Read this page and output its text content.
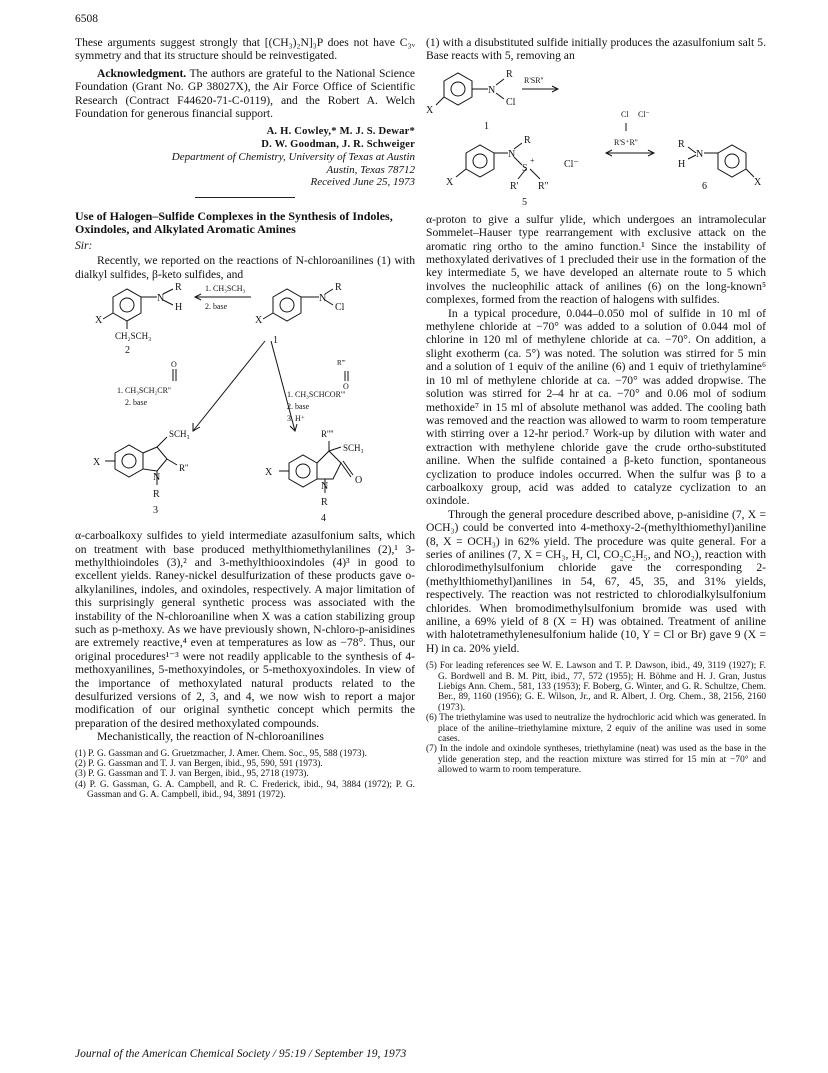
6508

These arguments suggest strongly that [(CH₃)₂N]₃P does not have C₃ᵥ symmetry and that its structure should be reinvestigated.

Acknowledgment. The authors are grateful to the National Science Foundation (Grant No. GP 38027X), the Air Force Office of Scientific Research (Contract F44620-71-C-0119), and the Robert A. Welch Foundation for generous financial support.

A. H. Cowley,* M. J. S. Dewar*
D. W. Goodman, J. R. Schweiger
Department of Chemistry, University of Texas at Austin
Austin, Texas 78712
Received June 25, 1973
Use of Halogen–Sulfide Complexes in the Synthesis of Indoles, Oxindoles, and Alkylated Aromatic Amines
Sir:

Recently, we reported on the reactions of N-chloroanilines (1) with dialkyl sulfides, β-keto sulfides, and

X
N
R
H
CH₂SCH₃
2
1. CH₃SCH₃
2. base
X
N
R
Cl
1
O
1. CH₃SCH₂CR''
2. base
R'''
O
1. CH₃SCHCOR'''
2. base
3. H⁺
SCH₃
X
N
R''
R
3
R''''
SCH₃
X
N
O
R
4

α-carboalkoxy sulfides to yield intermediate azasulfonium salts, which on treatment with base produced methylthiomethylanilines (2),¹ 3-methylthioindoles (3),² and 3-methylthiooxindoles (4)³ in good to excellent yields. Raney-nickel desulfurization of these products gave o-alkylanilines, indoles, and oxindoles, respectively. A major limitation of this surprisingly general synthetic process was associated with the instability of the N-chloroaniline when X was a cation stabilizing group such as p-methoxy. As we have previously shown, N-chloro-p-anisidines are extremely reactive,⁴ even at temperatures as low as −78°. Thus, our original procedures¹⁻³ were not readily applicable to the synthesis of 4-methoxyanilines, 5-methoxyindoles, or 5-methoxyoxindoles. In view of the importance of methoxylated natural products related to the desulfurized versions of 2, 3, and 4, we now wish to report a major modification of our original synthetic concept which permits the preparation of the desired methoxylated compounds.

Mechanistically, the reaction of N-chloroanilines

(1) P. G. Gassman and G. Gruetzmacher, J. Amer. Chem. Soc., 95, 588 (1973).
(2) P. G. Gassman and T. J. van Bergen, ibid., 95, 590, 591 (1973).
(3) P. G. Gassman and T. J. van Bergen, ibid., 95, 2718 (1973).
(4) P. G. Gassman, G. A. Campbell, and R. C. Frederick, ibid., 94, 3884 (1972); P. G. Gassman and G. A. Campbell, ibid., 94, 3891 (1972).

(1) with a disubstituted sulfide initially produces the azasulfonium salt 5. Base reacts with 5, removing an

N
R
Cl
X
R'SR''
1
N
R
S
+
R' R''
X
Cl⁻
5
Cl Cl⁻
R'S⁺R''	R
H
N
X
6

α-proton to give a sulfur ylide, which undergoes an intramolecular Sommelet–Hauser type rearrangement with exclusive attack on the aromatic ring ortho to the amino function.¹ Since the instability of methoxylated derivatives of 1 precluded their use in the formation of the key intermediate 5, we have developed an alternate route to 5 which involves the nucleophilic attack of anilines (6) on the long-known⁵ complexes, formed from the reaction of halogens with sulfides.

In a typical procedure, 0.044–0.050 mol of sulfide in 10 ml of methylene chloride at −70° was added to a solution of 0.044 mol of chlorine in 120 ml of methylene chloride at ca. −70°. On addition, a slight exotherm (ca. 5°) was noted. The solution was stirred for 5 min and a solution of 1 equiv of the aniline (6) and 1 equiv of triethylamine⁶ in 10 ml of methylene chloride at ca. −70° was added dropwise. The solution was stirred for 2–4 hr at ca. −70° and 0.06 mol of sodium methoxide⁷ in 15 ml of absolute methanol was added. The cooling bath was removed and the reaction was allowed to warm to room temperature with stirring over a 12-hr period.⁷ Work-up by dilution with water and extraction with methylene chloride gave the crude ortho-substituted aniline. When the sulfide contained a β-keto function, spontaneous cyclization to produce indoles occurred. When the sulfur was β to a carboalkoxy group, acid was added to catalyze cyclization to an oxindole.

Through the general procedure described above, p-anisidine (7, X = OCH₃) could be converted into 4-methoxy-2-(methylthiomethyl)aniline (8, X = OCH₃) in 62% yield. The procedure was quite general. For a series of anilines (7, X = CH₃, H, Cl, CO₂C₂H₅, and NO₂), reaction with chlorodimethylsulfonium chloride gave the corresponding 2-(methylthiomethyl)anilines in 54, 67, 45, 35, and 31% yields, respectively. The reaction was not restricted to chlorodialkylsulfonium chlorides. When bromodimethylsulfonium bromide was used with aniline, a 69% yield of 8 (X = H) was obtained. Treatment of aniline with halotetramethylenesulfonium halide (10, Y = Cl or Br) gave 9 (X = H) in ca. 20% yield.

(5) For leading references see W. E. Lawson and T. P. Dawson, ibid., 49, 3119 (1927); F. G. Bordwell and B. M. Pitt, ibid., 77, 572 (1955); H. Böhme and H. J. Gran, Justus Liebigs Ann. Chem., 581, 133 (1953); F. Boberg, G. Winter, and G. R. Schultze, Chem. Ber., 89, 1160 (1956); G. E. Wilson, Jr., and R. Albert, J. Org. Chem., 38, 2156, 2160 (1973).
(6) The triethylamine was used to neutralize the hydrochloric acid which was generated. In place of the aniline–triethylamine mixture, 2 equiv of the aniline was used in some cases.
(7) In the indole and oxindole syntheses, triethylamine (neat) was used as the base in the ylide generation step, and the reaction mixture was stirred for 15 min at −70° and allowed to warm to room temperature.
Journal of the American Chemical Society / 95:19 / September 19, 1973
